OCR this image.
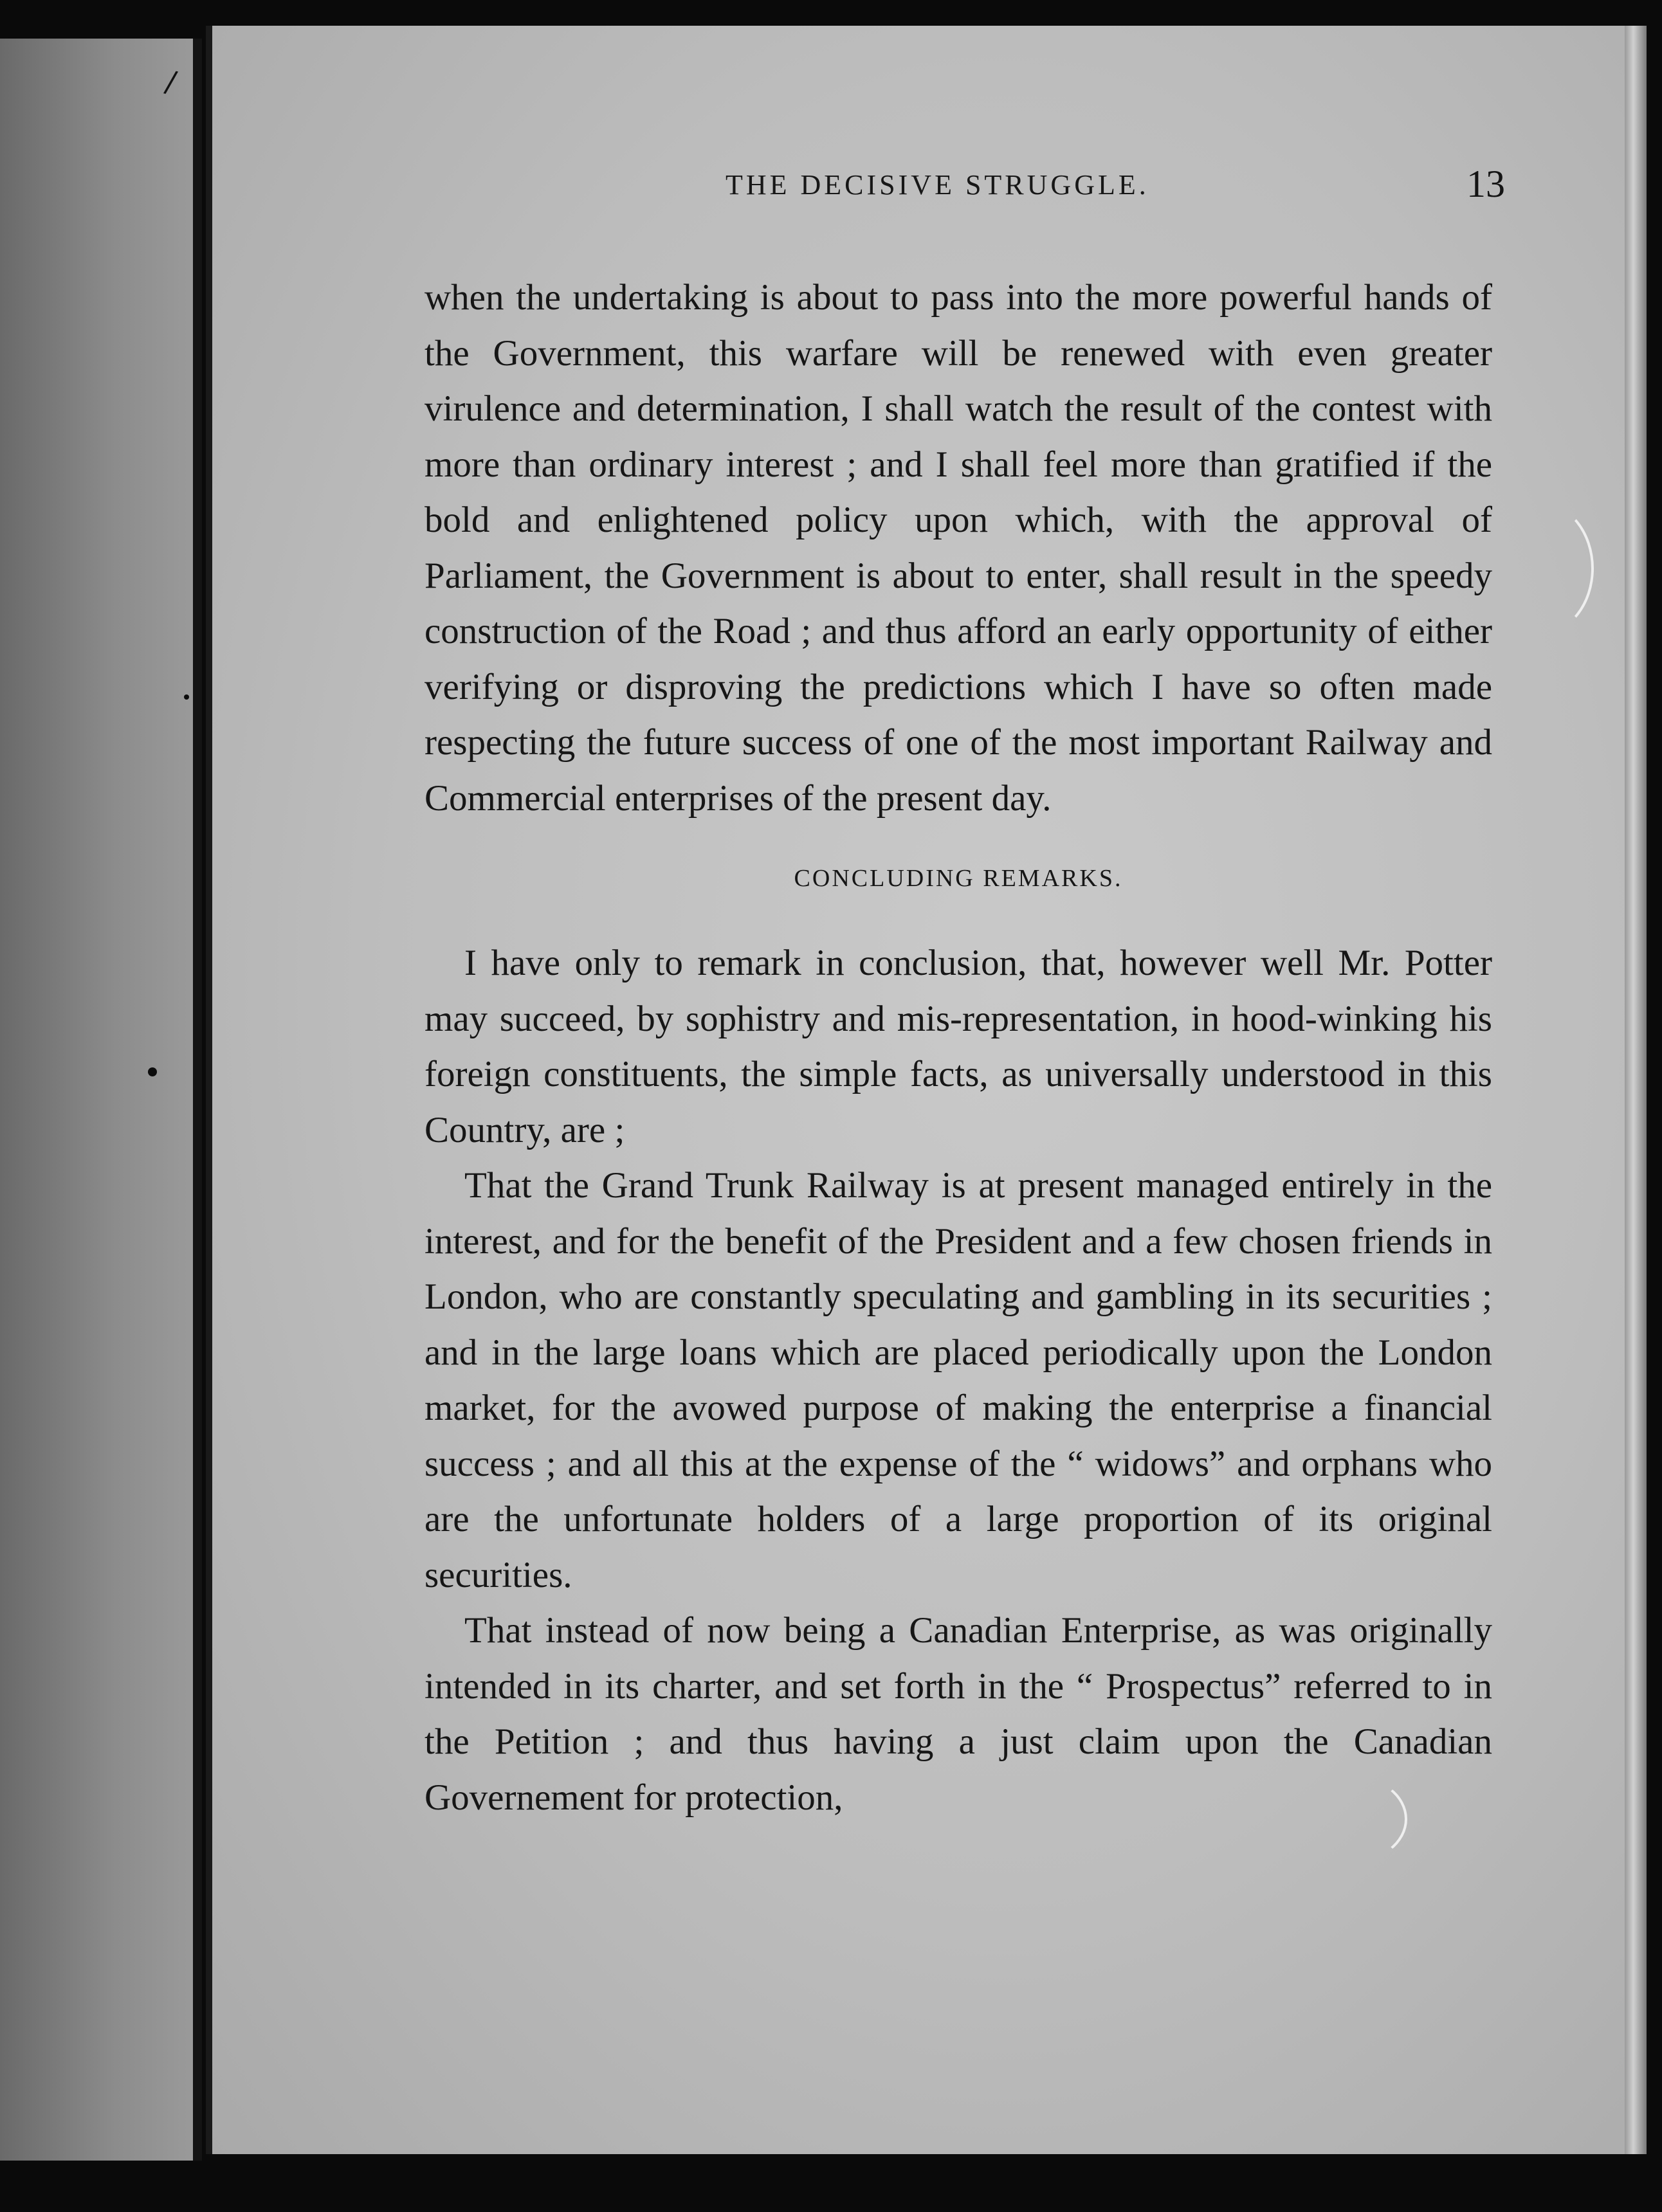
/
THE DECISIVE STRUGGLE.	13

when the undertaking is about to pass into the more powerful hands of the Government, this warfare will be renewed with even greater virulence and determination, I shall watch the result of the contest with more than ordinary interest ; and I shall feel more than gratified if the bold and enlightened policy upon which, with the approval of Parliament, the Government is about to enter, shall result in the speedy construction of the Road ; and thus afford an early opportunity of either verifying or disproving the predictions which I have so often made respecting the future success of one of the most important Railway and Commercial enterprises of the present day.

CONCLUDING REMARKS.

I have only to remark in conclusion, that, however well Mr. Potter may succeed, by sophistry and mis-representation, in hood-winking his foreign constituents, the simple facts, as universally understood in this Country, are ;

That the Grand Trunk Railway is at present managed entirely in the interest, and for the benefit of the President and a few chosen friends in London, who are constantly speculating and gambling in its securities ; and in the large loans which are placed periodically upon the London market, for the avowed purpose of making the enterprise a financial success ; and all this at the expense of the “ widows” and orphans who are the unfortunate holders of a large proportion of its original securities.

That instead of now being a Canadian Enterprise, as was originally intended in its charter, and set forth in the “ Prospectus” referred to in the Petition ; and thus having a just claim upon the Canadian Governement for protection,
